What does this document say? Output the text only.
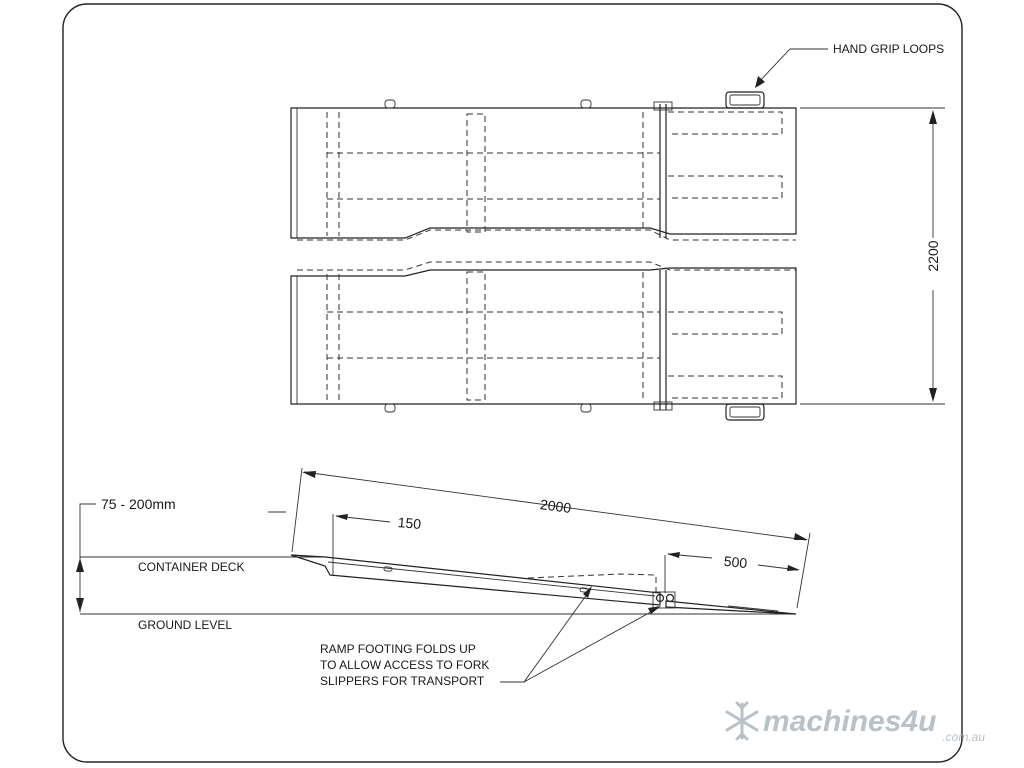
2200
HAND GRIP LOOPS
CONTAINER DECK
GROUND LEVEL
75 - 200mm	2000
150
500
RAMP FOOTING FOLDS UP
TO ALLOW ACCESS TO FORK
SLIPPERS FOR TRANSPORT
machines4u .com.au
